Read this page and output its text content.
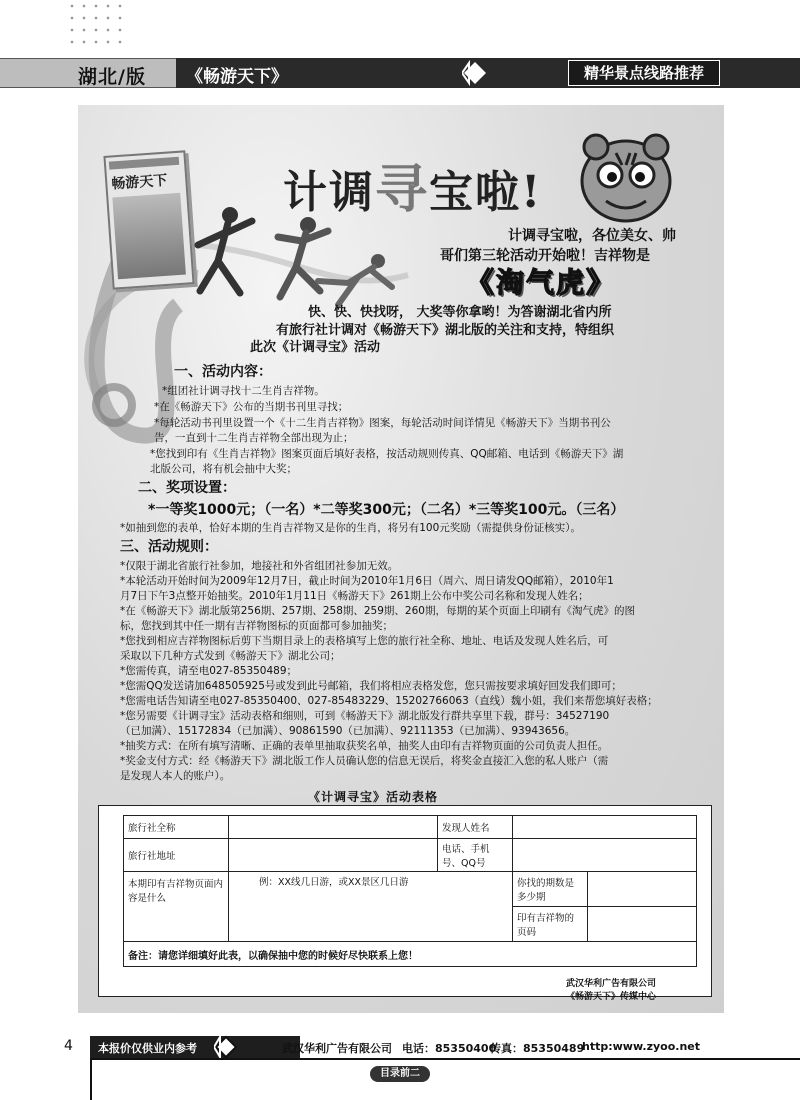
湖北/版 《畅游天下》	精华景点线路推荐
畅游天下	计调寻宝啦!
计调寻宝啦，各位美女、帅
哥们第三轮活动开始啦！吉祥物是
《淘气虎》
快、快、快找呀， 大奖等你拿哟！为答谢湖北省内所
有旅行社计调对《畅游天下》湖北版的关注和支持，特组织
此次《计调寻宝》活动
一、活动内容：
*组团社计调寻找十二生肖吉祥物。
*在《畅游天下》公布的当期书刊里寻找；
*每轮活动书刊里设置一个《十二生肖吉祥物》图案，每轮活动时间详情见《畅游天下》当期书刊公
告，一直到十二生肖吉祥物全部出现为止；
*您找到印有《生肖吉祥物》图案页面后填好表格，按活动规则传真、QQ邮箱、电话到《畅游天下》湖
北版公司，将有机会抽中大奖；
二、奖项设置：
*一等奖1000元；（一名）*二等奖300元；（二名）*三等奖100元。（三名）
*如抽到您的表单，恰好本期的生肖吉祥物又是你的生肖，将另有100元奖励（需提供身份证核实）。
三、活动规则：
*仅限于湖北省旅行社参加，地接社和外省组团社参加无效。
*本轮活动开始时间为2009年12月7日，截止时间为2010年1月6日（周六、周日请发QQ邮箱），2010年1
月7日下午3点整开始抽奖。2010年1月11日《畅游天下》261期上公布中奖公司名称和发现人姓名；
*在《畅游天下》湖北版第256期、257期、258期、259期、260期，每期的某个页面上印刷有《淘气虎》的图
标，您找到其中任一期有吉祥物图标的页面都可参加抽奖；
*您找到相应吉祥物图标后剪下当期目录上的表格填写上您的旅行社全称、地址、电话及发现人姓名后，可
采取以下几种方式发到《畅游天下》湖北公司；
*您需传真，请至电027-85350489；
*您需QQ发送请加648505925号或发到此号邮箱，我们将相应表格发您，您只需按要求填好回发我们即可；
*您需电话告知请至电027-85350400、027-85483229、15202766063（直线）魏小姐，我们来帮您填好表格；
*您另需要《计调寻宝》活动表格和细则，可到《畅游天下》湖北版发行群共享里下载，群号：34527190
（已加满）、15172834（已加满）、90861590（已加满）、92111353（已加满）、93943656。
*抽奖方式：在所有填写清晰、正确的表单里抽取获奖名单，抽奖人由印有吉祥物页面的公司负责人担任。
*奖金支付方式：经《畅游天下》湖北版工作人员确认您的信息无误后，将奖金直接汇入您的私人账户（需
是发现人本人的账户）。
《计调寻宝》活动表格
旅行社全称		发现人姓名		
旅行社地址		电话、手机号、QQ号		
本期印有吉祥物页面内容是什么	例：XX线几日游，或XX景区几日游		你找的期数是多少期	
			印有吉祥物的页码	
备注：请您详细填好此表，以确保抽中您的时候好尽快联系上您！				
武汉华利广告有限公司
《畅游天下》传媒中心
4 本报价仅供业内参考	武汉华利广告有限公司 电话：85350400
传真：85350489
http:www.zyoo.net
目录前二
